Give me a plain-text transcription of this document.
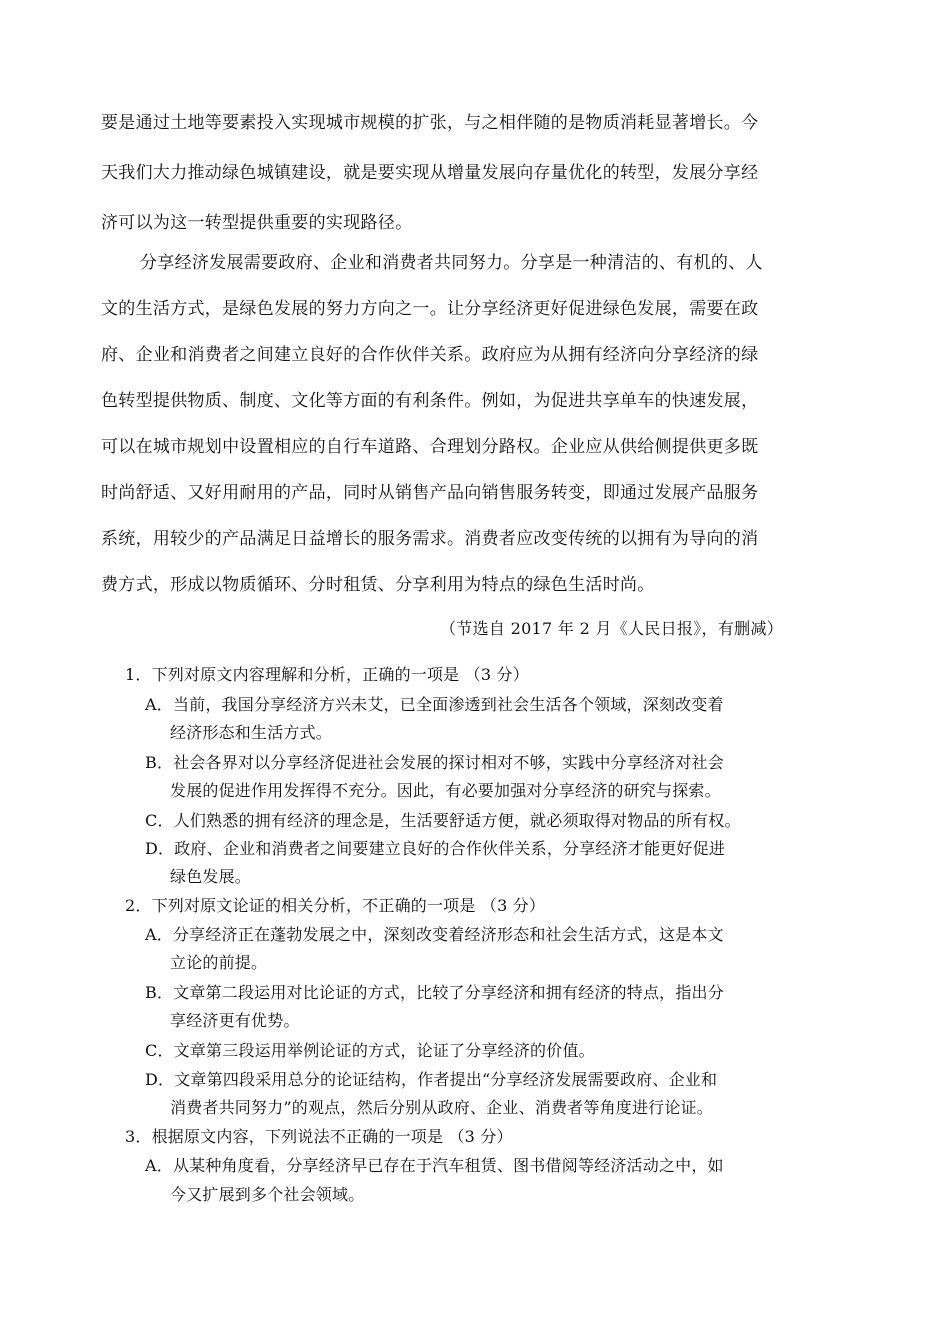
要是通过土地等要素投入实现城市规模的扩张，与之相伴随的是物质消耗显著增长。今
天我们大力推动绿色城镇建设，就是要实现从增量发展向存量优化的转型，发展分享经
济可以为这一转型提供重要的实现路径。
分享经济发展需要政府、企业和消费者共同努力。分享是一种清洁的、有机的、人
文的生活方式，是绿色发展的努力方向之一。让分享经济更好促进绿色发展，需要在政
府、企业和消费者之间建立良好的合作伙伴关系。政府应为从拥有经济向分享经济的绿
色转型提供物质、制度、文化等方面的有利条件。例如，为促进共享单车的快速发展，
可以在城市规划中设置相应的自行车道路、合理划分路权。企业应从供给侧提供更多既
时尚舒适、又好用耐用的产品，同时从销售产品向销售服务转变，即通过发展产品服务
系统，用较少的产品满足日益增长的服务需求。消费者应改变传统的以拥有为导向的消
费方式，形成以物质循环、分时租赁、分享利用为特点的绿色生活时尚。
（节选自 2017 年 2 月《人民日报》，有删减）
1．下列对原文内容理解和分析，正确的一项是 （3 分）
A．当前，我国分享经济方兴未艾，已全面渗透到社会生活各个领域，深刻改变着
经济形态和生活方式。
B．社会各界对以分享经济促进社会发展的探讨相对不够，实践中分享经济对社会
发展的促进作用发挥得不充分。因此，有必要加强对分享经济的研究与探索。
C．人们熟悉的拥有经济的理念是，生活要舒适方便，就必须取得对物品的所有权。
D．政府、企业和消费者之间要建立良好的合作伙伴关系，分享经济才能更好促进
绿色发展。
2．下列对原文论证的相关分析，不正确的一项是 （3 分）
A．分享经济正在蓬勃发展之中，深刻改变着经济形态和社会生活方式，这是本文
立论的前提。
B．文章第二段运用对比论证的方式，比较了分享经济和拥有经济的特点，指出分
享经济更有优势。
C．文章第三段运用举例论证的方式，论证了分享经济的价值。
D．文章第四段采用总分的论证结构，作者提出“分享经济发展需要政府、企业和
消费者共同努力”的观点，然后分别从政府、企业、消费者等角度进行论证。
3．根据原文内容，下列说法不正确的一项是 （3 分）
A．从某种角度看，分享经济早已存在于汽车租赁、图书借阅等经济活动之中，如
今又扩展到多个社会领域。
